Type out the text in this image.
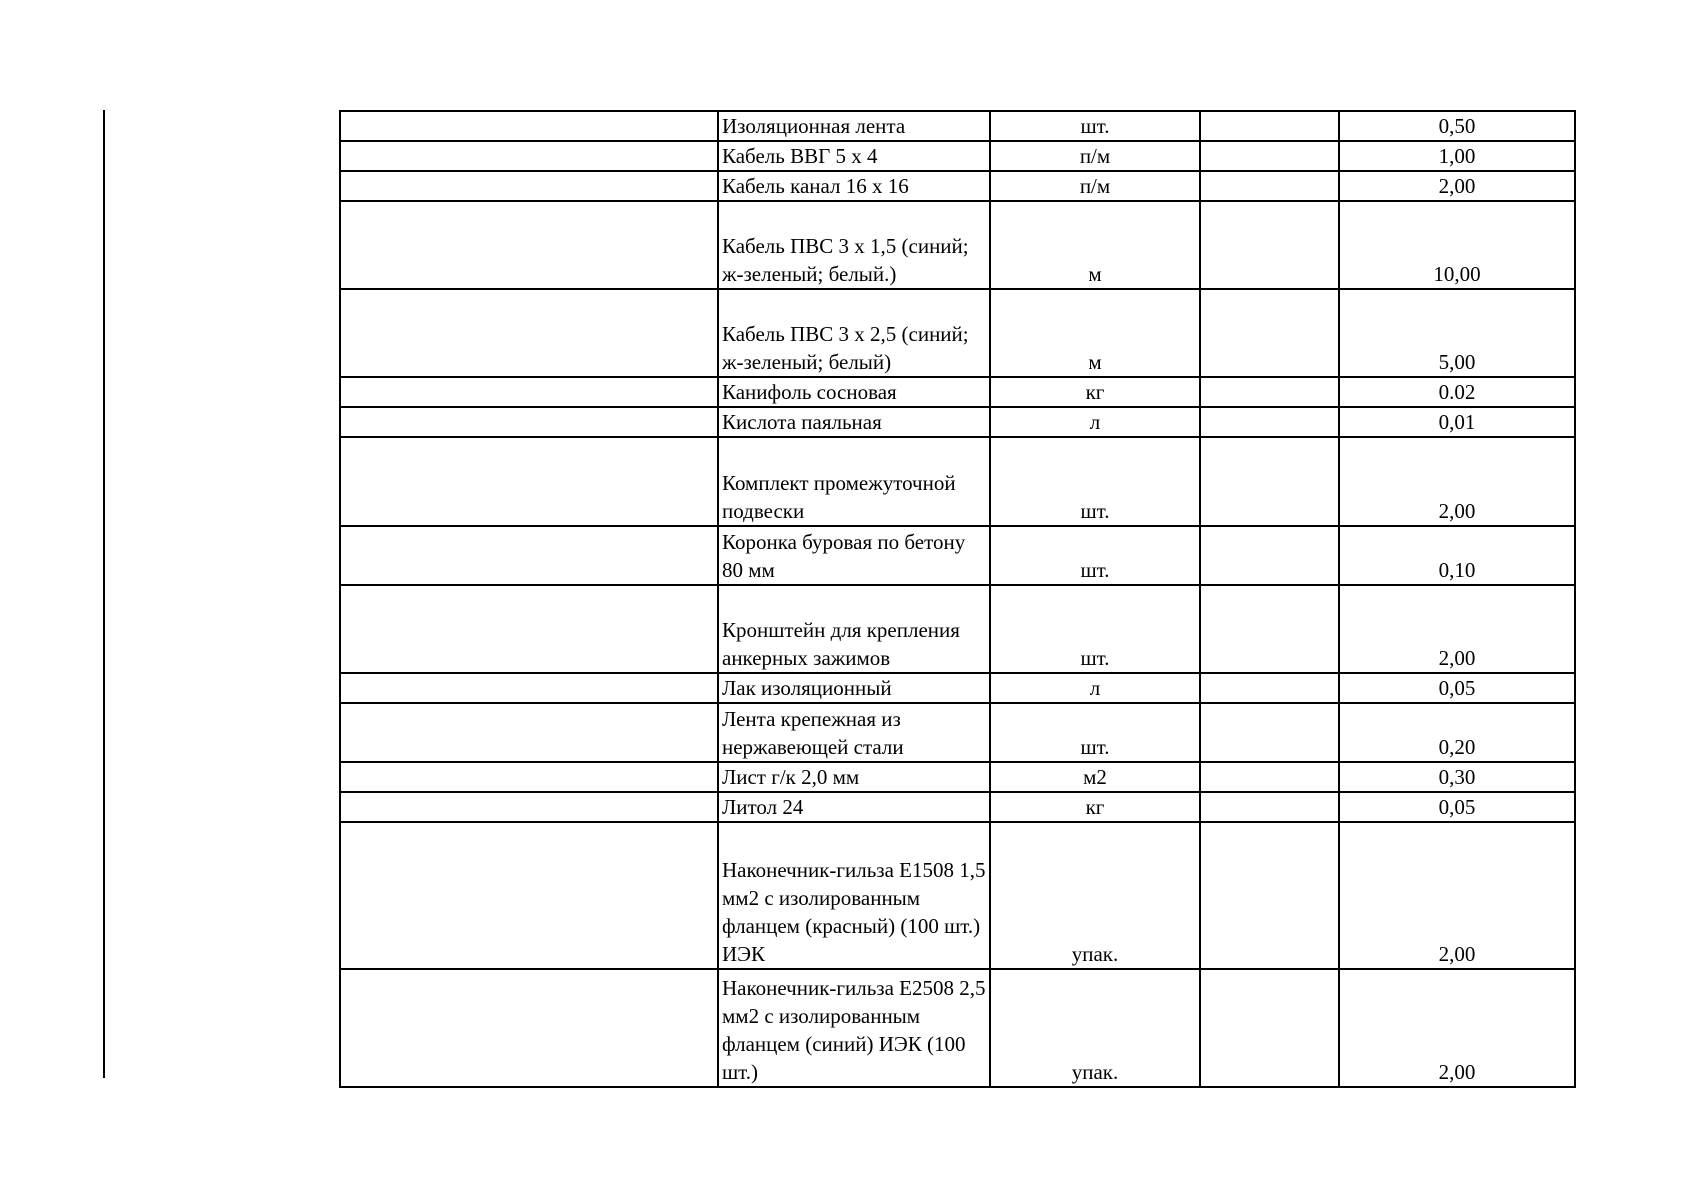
	Изоляционная лента	шт.		0,50
	Кабель ВВГ 5 х 4	п/м		1,00
	Кабель канал 16 х 16	п/м		2,00
	Кабель ПВС 3 х 1,5 (синий; ж-зеленый; белый.)	м		10,00
	Кабель ПВС 3 х 2,5 (синий; ж-зеленый; белый)	м		5,00
	Канифоль сосновая	кг		0.02
	Кислота паяльная	л		0,01
	Комплект промежуточной подвески	шт.		2,00
	Коронка буровая по бетону 80 мм	шт.		0,10
	Кронштейн для крепления анкерных зажимов	шт.		2,00
	Лак изоляционный	л		0,05
	Лента крепежная из нержавеющей стали	шт.		0,20
	Лист г/к 2,0 мм	м2		0,30
	Литол 24	кг		0,05
	Наконечник-гильза Е1508 1,5 мм2 с изолированным фланцем (красный) (100 шт.) ИЭК	упак.		2,00
	Наконечник-гильза Е2508 2,5 мм2 с изолированным фланцем (синий) ИЭК (100 шт.)	упак.		2,00
